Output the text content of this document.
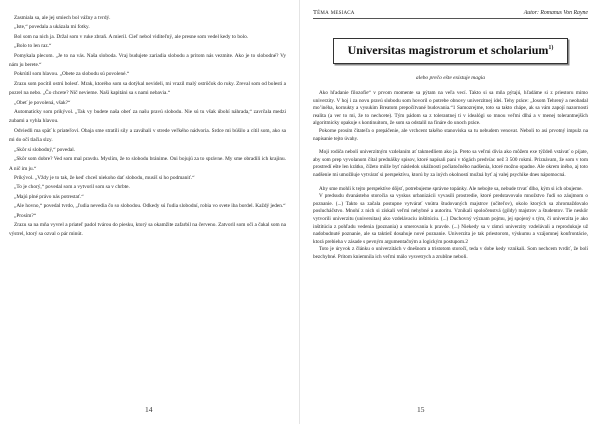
Zasmiala sa, ale jej smiech bol vážny a tvrdý.

„Iste,“ povedala a ukázala mi fotky.

Bol som na nich ja. Držal som v ruke zbraň. A mieril. Cieľ nebol viditeľný, ale presne som vedel kedy to bolo.

„Bolo to len raz.“

Pomykala plecom. „Je to na vás. Naša sloboda. Vraj budujete zariadia slobodu a pritom nás vezmite. Ako je to slobodné? Vy nám ju berete.“

Pokrútil som hlavou. „Obete za slobodu sú povolené.“

Zrazu som pocítil ostrú bolesť. Mrak, ktorého som sa dotýkal nevideli, mi vrazil malý ostrôčok do ruky. Zreval som od bolesti a pozrel na nebo. „Čo chcete? Nič nevieme. Naši kapitáni sa s nami nebavia.“

„Obeť je povolená, však?“

Automaticky som prikývol. „Tak vy budete naša obeť za našu pravú slobodu. Nie sú tu však úbohí náhrada,“ zavrčala medzi zubami a vyhla hlavou.

Odviedli ma späť k priateľovi. Obaja sme stratili sily a zaváhali v strede veľkého nádvoria. Srdce mi búšilo a cítil som, ako sa mi do očí tlačia slzy.

„Skôr si slobodný,“ povedal.

„Skôr som dobre? Ved som mal pravdu. Myslím, že to slobodu bránime. Oni bojujú za to správne. My sme obradili ich krajinu. A nič im ju.“

Prikývol. „Vždy je to tak, že keď chceš niekoho dať slobodu, musíš si ho podmaniť.“

„To je chorý,“ povedal som a vytvoril som sa v chrbte.

„Majú plné právo nás potrestať.“

„Ale hovno,“ povedal tvrdo, „ľudia nevedia čo so slobodou. Odkedy sú ľudia slobodní, robia vo svete iba bordel. Každý jeden.“

„Prosím?“

Zrazu sa na mňa vyvrel a priateľ padol tvárou do piesku, ktorý sa okamžite zafarbil na červeno. Zatvoril som oči a čakal som na výstrel, ktorý sa ozval o pár minút.

14
Téma mesiaca	Autor: Romanus Von Rayne
Universitas magistrorum et scholarium$^{1)}$
alebo prečo ešte existuje magia

Ako hľadanie filozofie“ v prvom momente sa pýtam na veľa vecí. Takto si sa mňa pýtajú, hľadáme si z priestoru mimo univerzity. V hoj i za novu pravú slobodu som hovoril o potrebe obnovy univerzitnej idei. Tehy práce: „Iosom Tehrený a neobadal mo’inéha, kornukty a vysukim Breatom prepočítvané budovania.“1 Samozrejme, toto sa takto chápe, ak sa vám zapojí nazornosti realita (a ver to mi, že to nechcete). Tým pádom sa z tolerantnej ti v idealógi so mnou veľmi dlhá a v menej tolerantnejších algoritmicky opakuje s kontinuitom, že som sa odstalil na fináre do unoch práce.

Pokorne prosím čitateľa o prepáčenie, ale vrchcent takého stanoviska sa tu nebudem venovat. Neboli to asi prvotný impulz na napísanie tejto úvahy.

Moji rodiča nebolí univerzitným vzdelaním ať takmedliem ako ja. Preto sa veľmi dívia ako môžem exe týždeň vstávať o pijate, aby som prep vyvolanom čítal prednášky spisov, ktoré napísali pani v tógách predvíac než 3 500 rokmi. Priznávam, že som v tom prostredí ešte len krátko, čížeto môže byť následok ukážnosti počiatočného nadšenia, ktoré možno opadne. Ale okrem iného, aj toto nadšenie mi umožňuje vytvárať si perspektívu, ktorú by za iných okolností možná byť aj valej psychike dnes nápomocná.

Aby sme mohli k tejto perspektíve dôjsť, potrebujeme správne topánky. Ale nebojte sa, nebude trvať dlho, kým si ich obujeme.

V predsudu dvanásteho storočia sa vyskus urbanizácii vyvasili prostredie, ktoré predstavovalo množstvo ľudí so záujmom o poznanie. (...) Takto sa začala postupne vytvárať vnútra študovaných majstrov (učiteľov), okolo ktorých sa zhromaždovalo poslucháčstvo. Mnohí z nich si získali veľmi nehybné a autoritu. Vznikali spoločenstvá (gildy) majstrov a študentov. Tie neskôr vytvorili univerzitu (universitas) ako vzdelávaciu inštitúciu. (...) Duchovný význam pojmu, jej spojený s tým, či univerzita je ako inštitúcia z pohľadu vedenia (poznania) a smerovania k pravde. (...) Niekedy sa v rámci univerzity vzdelávali a reprodukuje už nadobudnuté poznanie, ale sa taktiež dosahuje nové poznanie. Univerzita je tak priestorom, výskumu a vzájomnej konfrontácie, ktorá prebieha v zásade s pevným argumentačným a logickým postupom.2

Toto je úryvok z článku o univerzitách v dnešnom a tristotom storočí, teda v dobe kedy vznikali. Som nechcem tvrdiť, že bolí bezchybné. Pritom kniemnila ich veľmi málo vysvetrych a zrubšne neboli.

15
